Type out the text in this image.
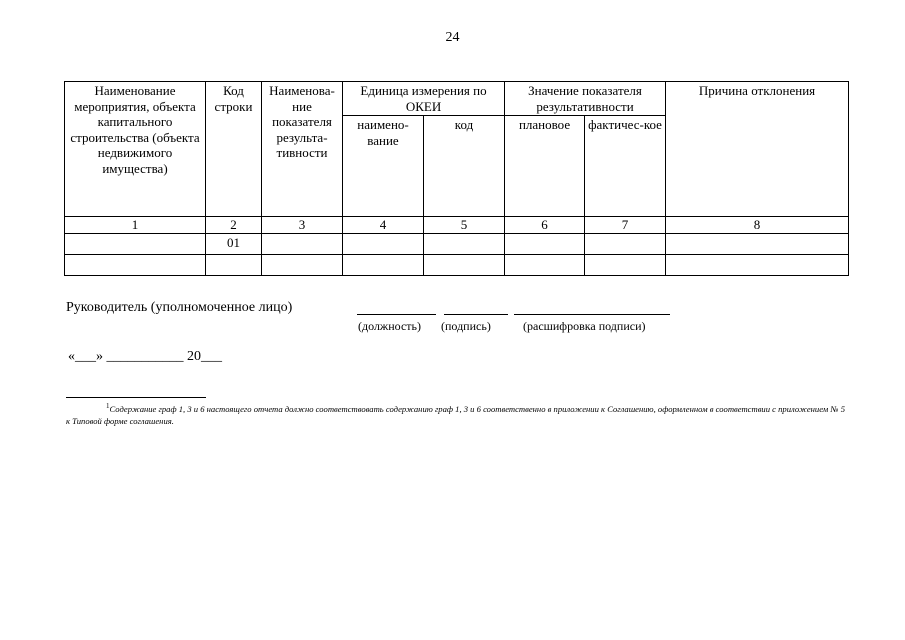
24
Наименование мероприятия, объекта капитального строительства (объекта недвижимого имущества)	Код строки	Наименова-ние показателя результа-тивности	Единица измерения по ОКЕИ		Значение показателя результативности		Причина отклонения
			наимено-вание	код	плановое	фактичес-кое	
1	2	3	4	5	6	7	8
	01						

Руководитель (уполномоченное лицо)
(должность) (подпись)	(расшифровка подписи)
«___» ___________ 20___
$^1$Содержание граф 1, 3 и 6 настоящего отчета должно соответствовать содержанию граф 1, 3 и 6 соответственно в приложении к Соглашению, оформленном в соответствии с приложением № 5 к Типовой форме соглашения.
